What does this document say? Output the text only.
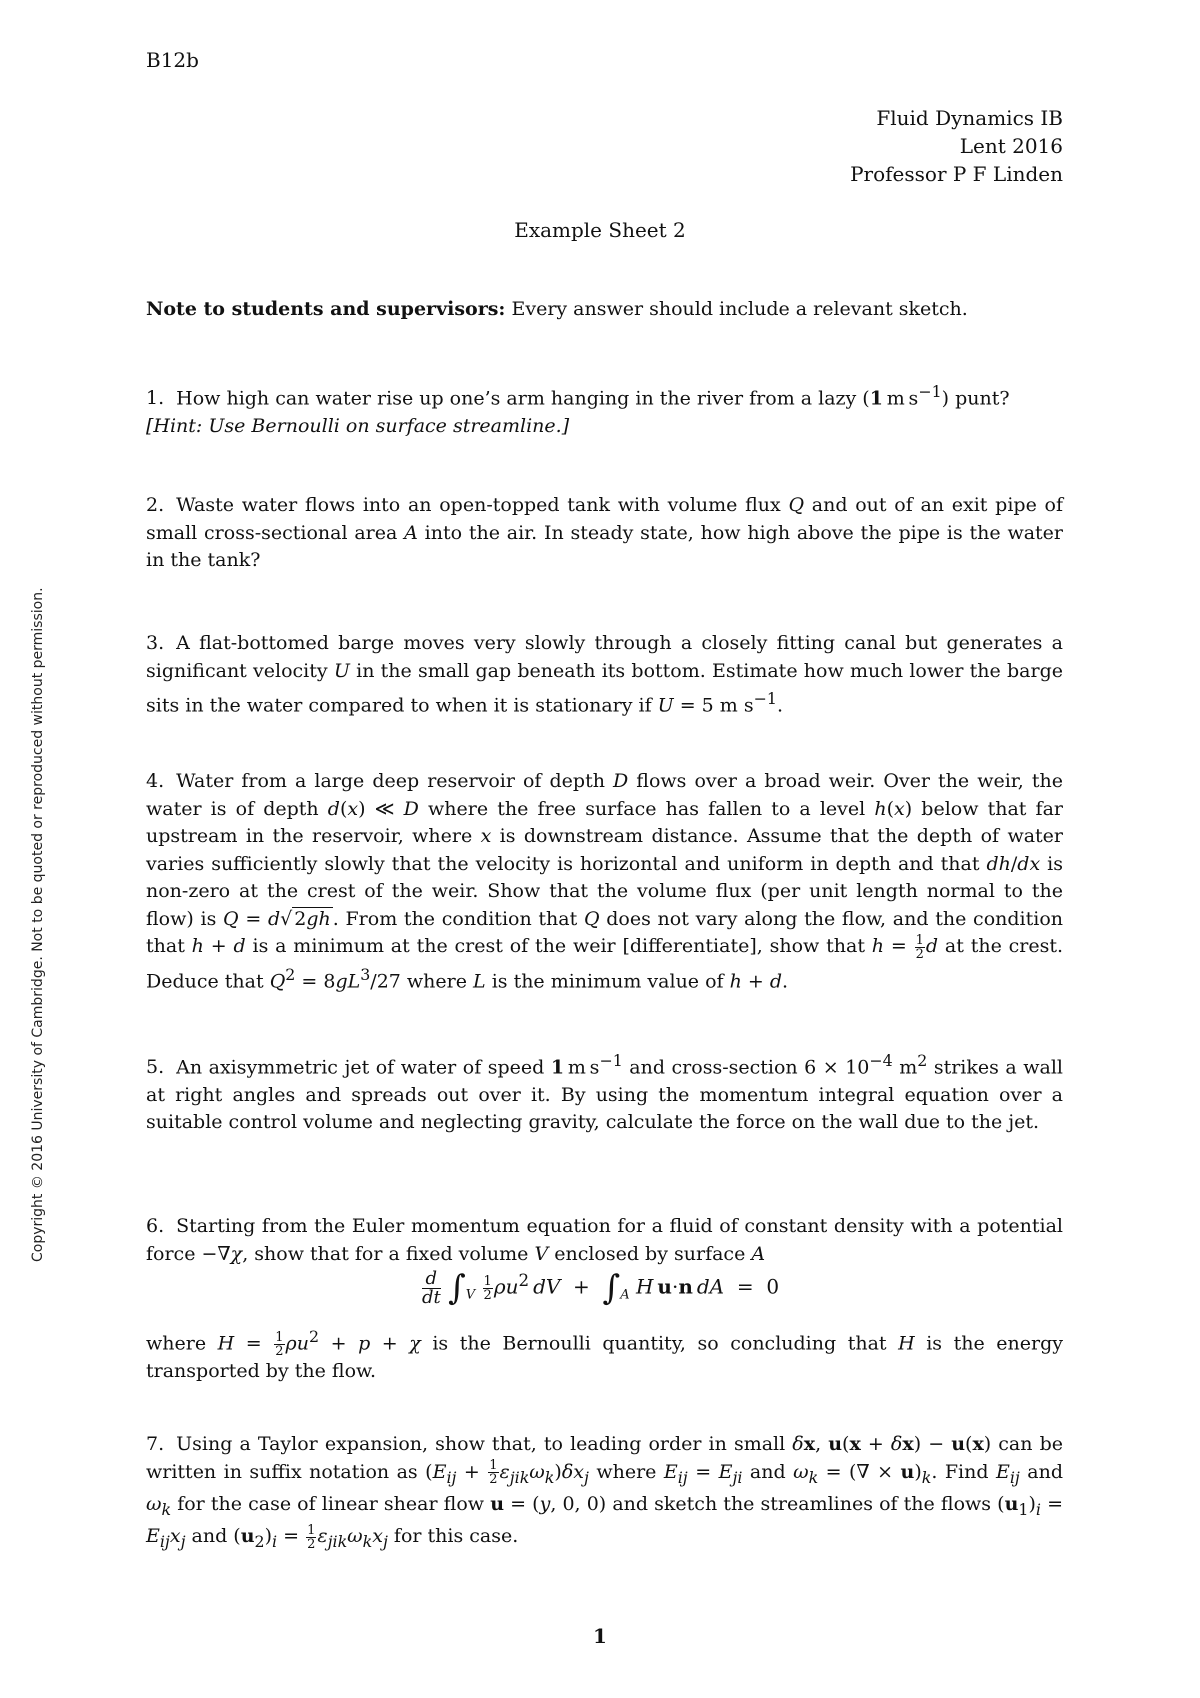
B12b
Fluid Dynamics IB
Lent 2016
Professor P F Linden
Example Sheet 2
Note to students and supervisors: Every answer should include a relevant sketch.
Copyright © 2016 University of Cambridge. Not to be quoted or reproduced without permission.
1. How high can water rise up one’s arm hanging in the river from a lazy (1 m $s^{-1}$) punt?
[Hint: Use Bernoulli on surface streamline.]
2. Waste water flows into an open-topped tank with volume flux Q and out of an exit pipe of small cross-sectional area A into the air. In steady state, how high above the pipe is the water in the tank?
3. A flat-bottomed barge moves very slowly through a closely fitting canal but generates a significant velocity U in the small gap beneath its bottom. Estimate how much lower the barge sits in the water compared to when it is stationary if U = 5 m $s^{-1}$.
4. Water from a large deep reservoir of depth D flows over a broad weir. Over the weir, the water is of depth d(x) ≪ D where the free surface has fallen to a level h(x) below that far upstream in the reservoir, where x is downstream distance. Assume that the depth of water varies sufficiently slowly that the velocity is horizontal and uniform in depth and that dh/dx is non-zero at the crest of the weir. Show that the volume flux (per unit length normal to the flow) is Q = d√ 2gh . From the condition that Q does not vary along the flow, and the condition that h + d is a minimum at the crest of the weir [differentiate], show that $h = \frac{1}{2}$ d at the crest. Deduce that $Q^2 = 8gL^3/27$ where L is the minimum value of h + d.
5. An axisymmetric jet of water of speed 1 m $s^{-1}$ and cross-section $6 \times 10^{-4}$ $m^2$ strikes a wall at right angles and spreads out over it. By using the momentum integral equation over a suitable control volume and neglecting gravity, calculate the force on the wall due to the jet.
6. Starting from the Euler momentum equation for a fluid of constant density with a potential force −∇χ, show that for a fixed volume V enclosed by surface A
$\frac{d}{dt} \int_V \frac{1}{2} \rho u^2$  dV  +  $\int_A$ H  u·n  dA  =  0
where $H = \frac{1}{2} \rho u^2 + p + \chi$ is the Bernoulli quantity, so concluding that H is the energy transported by the flow.
7. Using a Taylor expansion, show that, to leading order in small δx, u(x + δx) − u(x) can be written in suffix notation as $(E_{ij} + \frac{1}{2} \varepsilon_{jik}\omega_k)\delta x_j$ where $E_{ij} = E_{ji}$ and $\omega_k$ = (∇ × $u)_k$. Find $E_{ij}$ and $\omega_k$ for the case of linear shear flow u = (y, 0, 0) and sketch the streamlines of the flows $(u_1)_i = E_{ij}x_j$ and $(u_2)_i = \frac{1}{2} \varepsilon_{jik}\omega_kx_j$ for this case.
1
